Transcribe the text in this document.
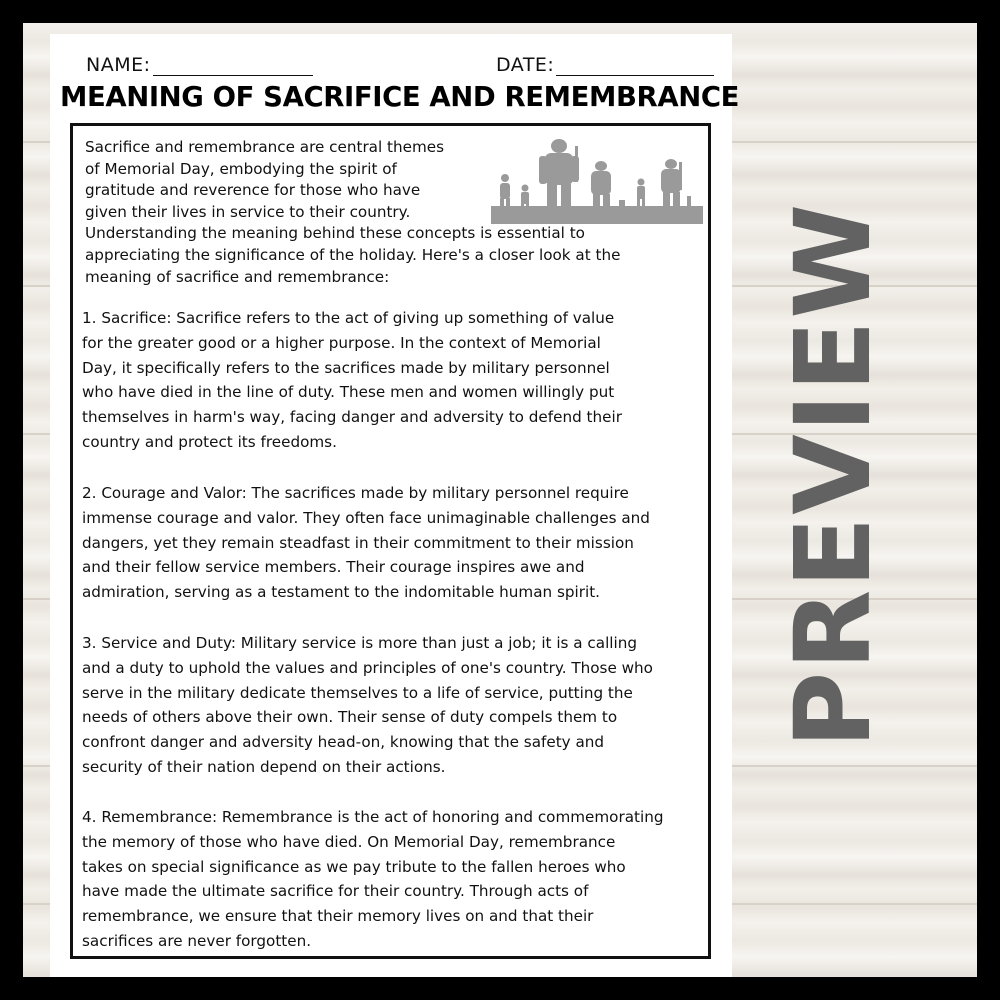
NAME:	DATE:
MEANING OF SACRIFICE AND REMEMBRANCE

Sacrifice and remembrance are central themes
of Memorial Day, embodying the spirit of
gratitude and reverence for those who have
given their lives in service to their country.
Understanding the meaning behind these concepts is essential to
appreciating the significance of the holiday. Here's a closer look at the
meaning of sacrifice and remembrance:

1. Sacrifice: Sacrifice refers to the act of giving up something of value
for the greater good or a higher purpose. In the context of Memorial
Day, it specifically refers to the sacrifices made by military personnel
who have died in the line of duty. These men and women willingly put
themselves in harm's way, facing danger and adversity to defend their
country and protect its freedoms.

2. Courage and Valor: The sacrifices made by military personnel require
immense courage and valor. They often face unimaginable challenges and
dangers, yet they remain steadfast in their commitment to their mission
and their fellow service members. Their courage inspires awe and
admiration, serving as a testament to the indomitable human spirit.

3. Service and Duty: Military service is more than just a job; it is a calling
and a duty to uphold the values and principles of one's country. Those who
serve in the military dedicate themselves to a life of service, putting the
needs of others above their own. Their sense of duty compels them to
confront danger and adversity head-on, knowing that the safety and
security of their nation depend on their actions.

4. Remembrance: Remembrance is the act of honoring and commemorating
the memory of those who have died. On Memorial Day, remembrance
takes on special significance as we pay tribute to the fallen heroes who
have made the ultimate sacrifice for their country. Through acts of
remembrance, we ensure that their memory lives on and that their
sacrifices are never forgotten.

PREVIEW
